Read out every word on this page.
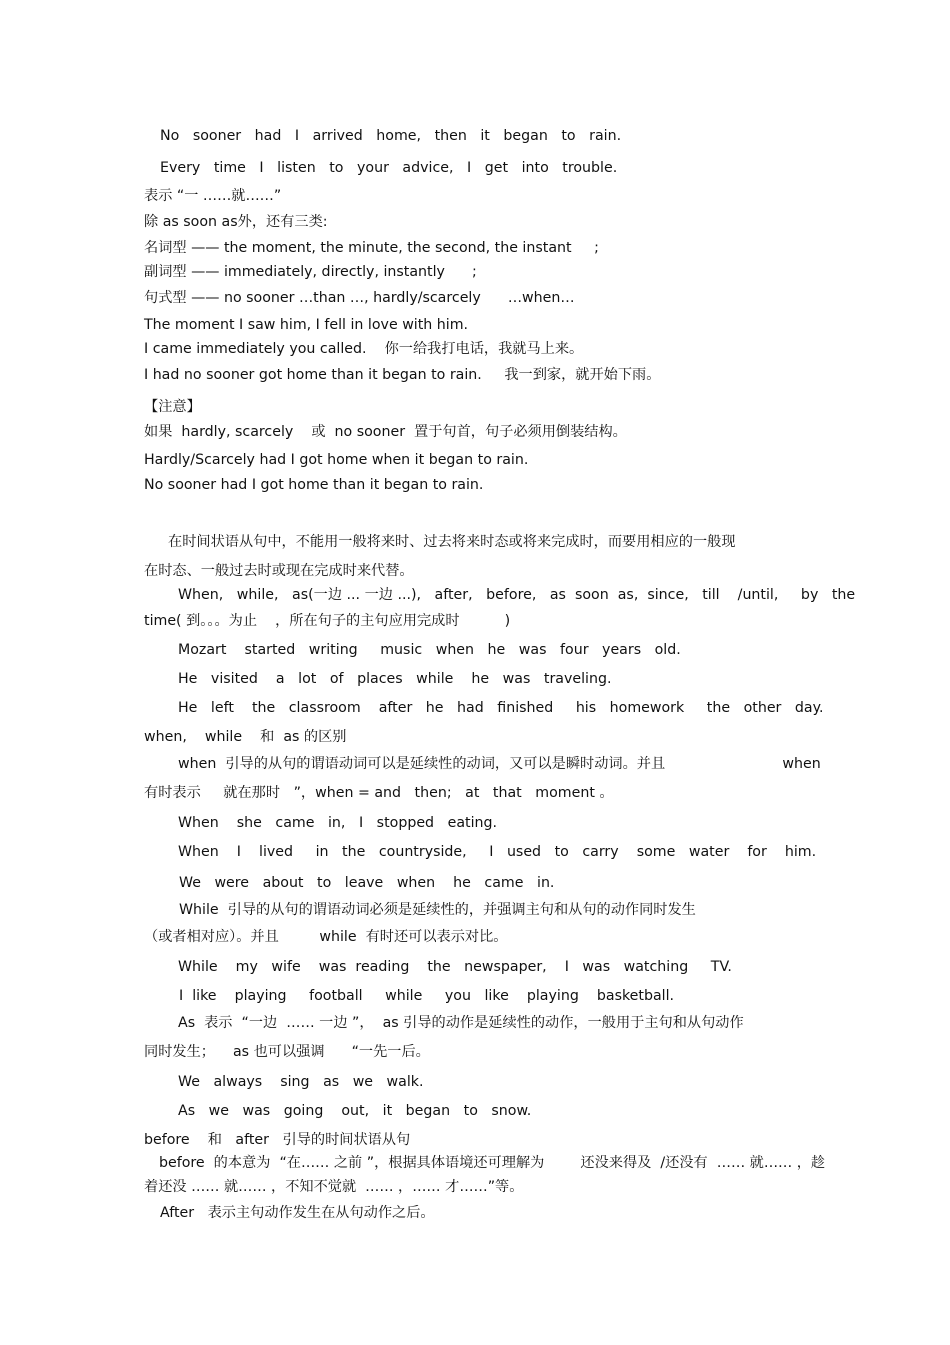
No   sooner   had   I   arrived   home,   then   it   began   to   rain.
Every   time   I   listen   to   your   advice,   I   get   into   trouble.
表示 “一 ……就……”
除 as soon as外，还有三类:
名词型 —— the moment, the minute, the second, the instant     ;
副词型 —— immediately, directly, instantly      ;
句式型 —— no sooner …than …, hardly/scarcely      …when…
The moment I saw him, I fell in love with him.
I came immediately you called.    你一给我打电话，我就马上来。
I had no sooner got home than it began to rain.     我一到家，就开始下雨。
【注意】
如果  hardly, scarcely    或  no sooner  置于句首，句子必须用倒装结构。
Hardly/Scarcely had I got home when it began to rain.
No sooner had I got home than it began to rain.
在时间状语从句中，不能用一般将来时、过去将来时态或将来完成时，而要用相应的一般现
在时态、一般过去时或现在完成时来代替。
When,   while,   as(一边 ... 一边 ...),   after,   before,   as  soon  as,  since,   till    /until,     by   the
time( 到。。。为止    ，所在句子的主句应用完成时          )
Mozart    started   writing     music   when   he   was   four   years   old.
He   visited    a   lot   of   places   while    he   was   traveling.
He   left    the   classroom    after   he   had   finished     his   homework     the   other   day.
when,    while    和  as 的区别
when  引导的从句的谓语动词可以是延续性的动词，又可以是瞬时动词。并且                          when
有时表示     就在那时   ”，when = and   then;   at   that   moment 。
When    she   came   in,   I   stopped   eating.
When    I    lived     in   the   countryside,     I   used   to   carry    some   water    for    him.
We   were   about   to   leave   when    he   came   in.
While  引导的从句的谓语动词必须是延续性的，并强调主句和从句的动作同时发生
（或者相对应）。并且         while  有时还可以表示对比。
While    my   wife    was  reading    the   newspaper,    I   was   watching     TV.
I  like    playing     football     while     you   like    playing    basketball.
As  表示  “一边  …… 一边 ”，  as 引导的动作是延续性的动作，一般用于主句和从句动作
同时发生；    as 也可以强调      “一先一后。
We   always    sing   as   we   walk.
As   we   was   going    out,   it   began   to   snow.
before    和   after   引导的时间状语从句
before  的本意为  “在…… 之前 ”，根据具体语境还可理解为        还没来得及  /还没有  …… 就…… ，趁
着还没 …… 就…… ，不知不觉就  …… ，…… 才……”等。
After   表示主句动作发生在从句动作之后。
